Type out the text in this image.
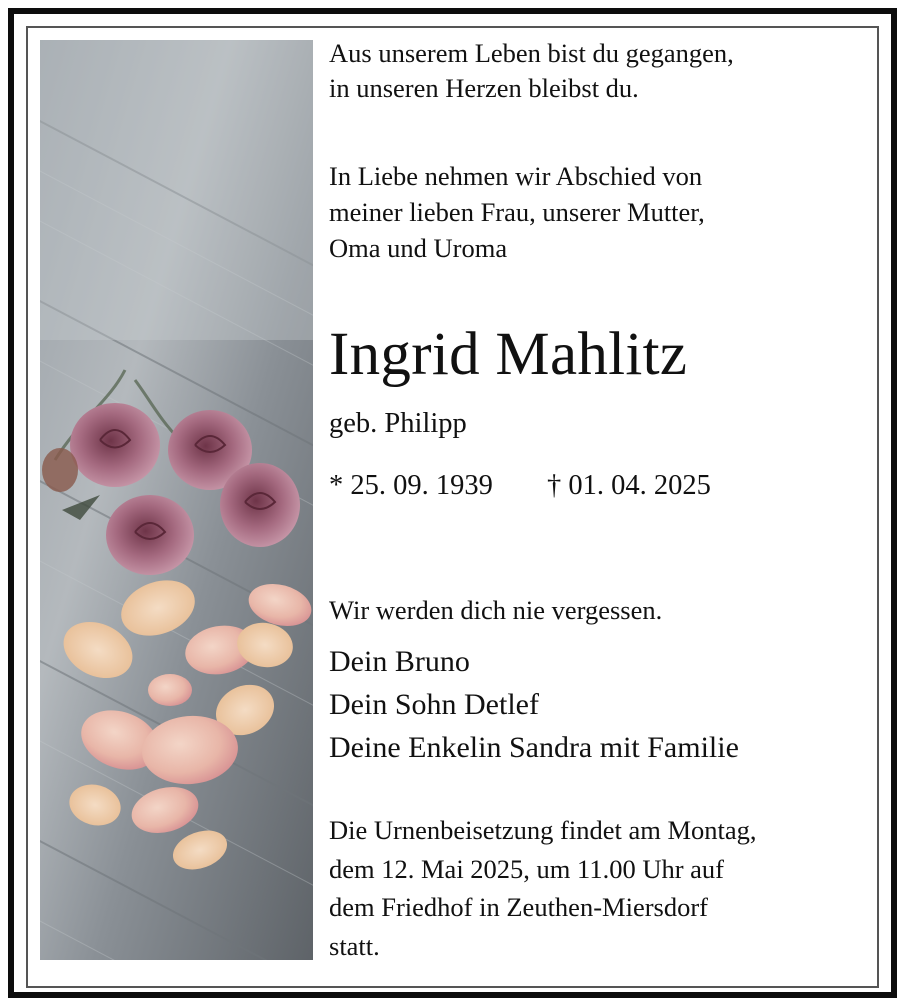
Aus unserem Leben bist du gegangen,
in unseren Herzen bleibst du.
In Liebe nehmen wir Abschied von
meiner lieben Frau, unserer Mutter,
Oma und Uroma
Ingrid Mahlitz
geb. Philipp
* 25. 09. 1939 † 01. 04. 2025
Wir werden dich nie vergessen.
Dein Bruno
Dein Sohn Detlef
Deine Enkelin Sandra mit Familie
Die Urnenbeisetzung findet am Montag,
dem 12. Mai 2025, um 11.00 Uhr auf
dem Friedhof in Zeuthen-Miersdorf
statt.
